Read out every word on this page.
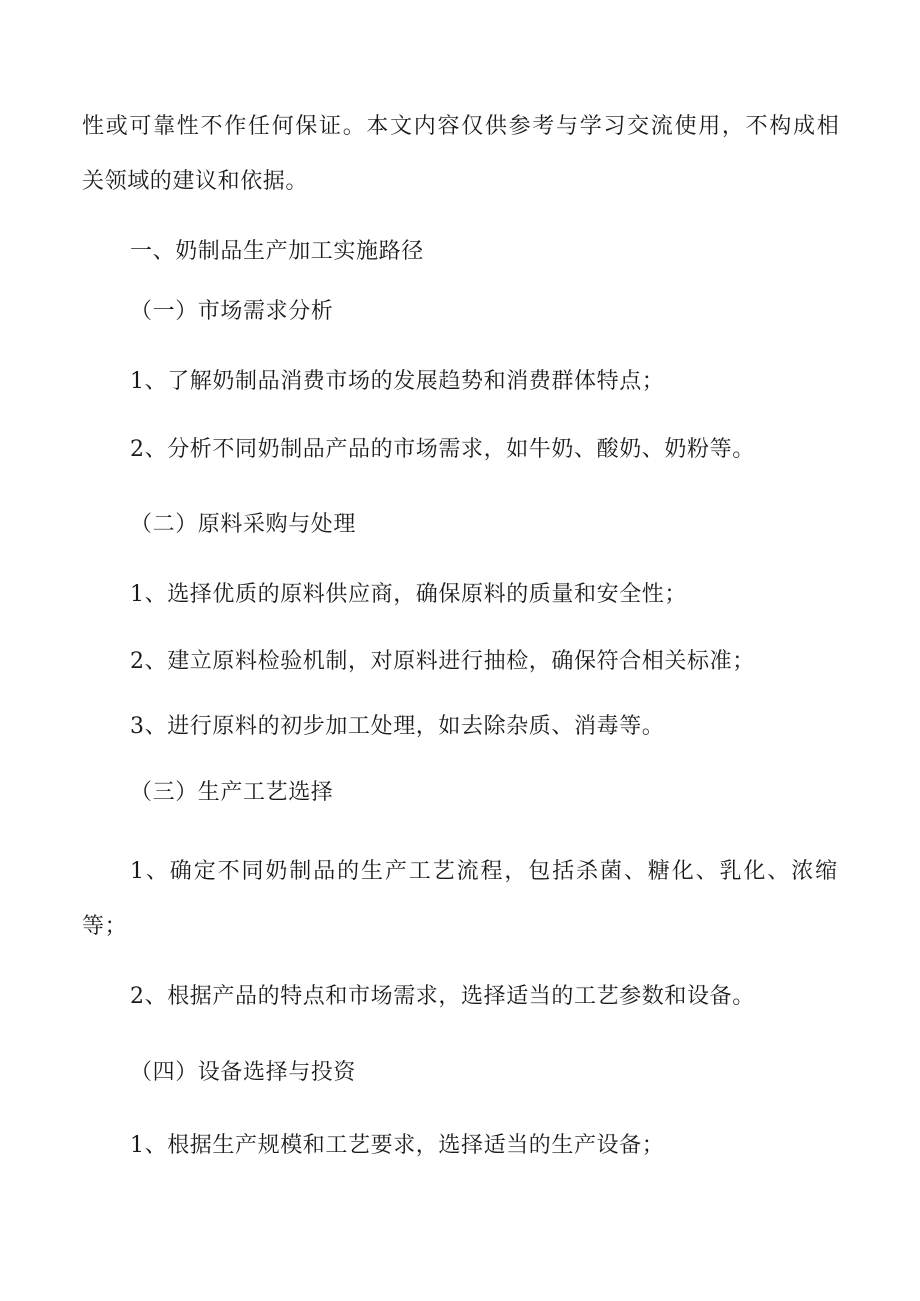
性或可靠性不作任何保证。本文内容仅供参考与学习交流使用，不构成相
关领域的建议和依据。
一、奶制品生产加工实施路径
（一）市场需求分析
1、了解奶制品消费市场的发展趋势和消费群体特点；
2、分析不同奶制品产品的市场需求，如牛奶、酸奶、奶粉等。
（二）原料采购与处理
1、选择优质的原料供应商，确保原料的质量和安全性；
2、建立原料检验机制，对原料进行抽检，确保符合相关标准；
3、进行原料的初步加工处理，如去除杂质、消毒等。
（三）生产工艺选择
1、确定不同奶制品的生产工艺流程，包括杀菌、糖化、乳化、浓缩
等；
2、根据产品的特点和市场需求，选择适当的工艺参数和设备。
（四）设备选择与投资
1、根据生产规模和工艺要求，选择适当的生产设备；
